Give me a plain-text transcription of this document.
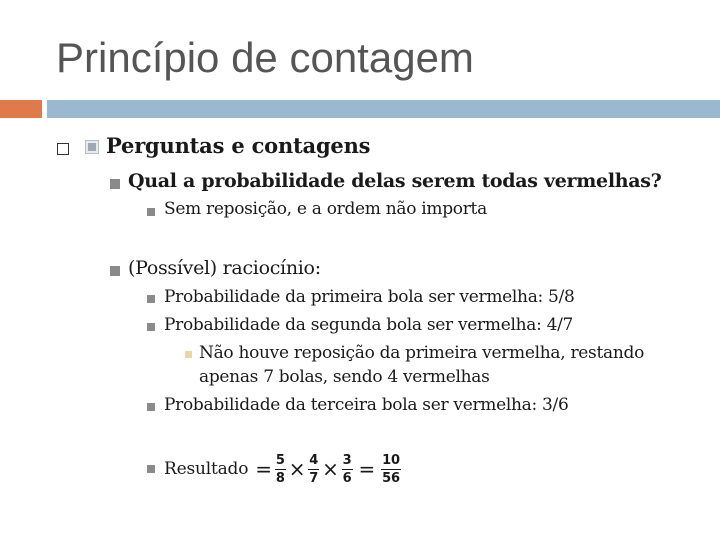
Princípio de contagem
Perguntas e contagens
Qual a probabilidade delas serem todas vermelhas?
Sem reposição, e a ordem não importa
(Possível) raciocínio:
Probabilidade da primeira bola ser vermelha: 5/8
Probabilidade da segunda bola ser vermelha: 4/7
Não houve reposição da primeira vermelha, restando
apenas 7 bolas, sendo 4 vermelhas
Probabilidade da terceira bola ser vermelha: 3/6
Resultado = $\frac{5}{8} \times \frac{4}{7} \times \frac{3}{6} = \frac{10}{56}$
